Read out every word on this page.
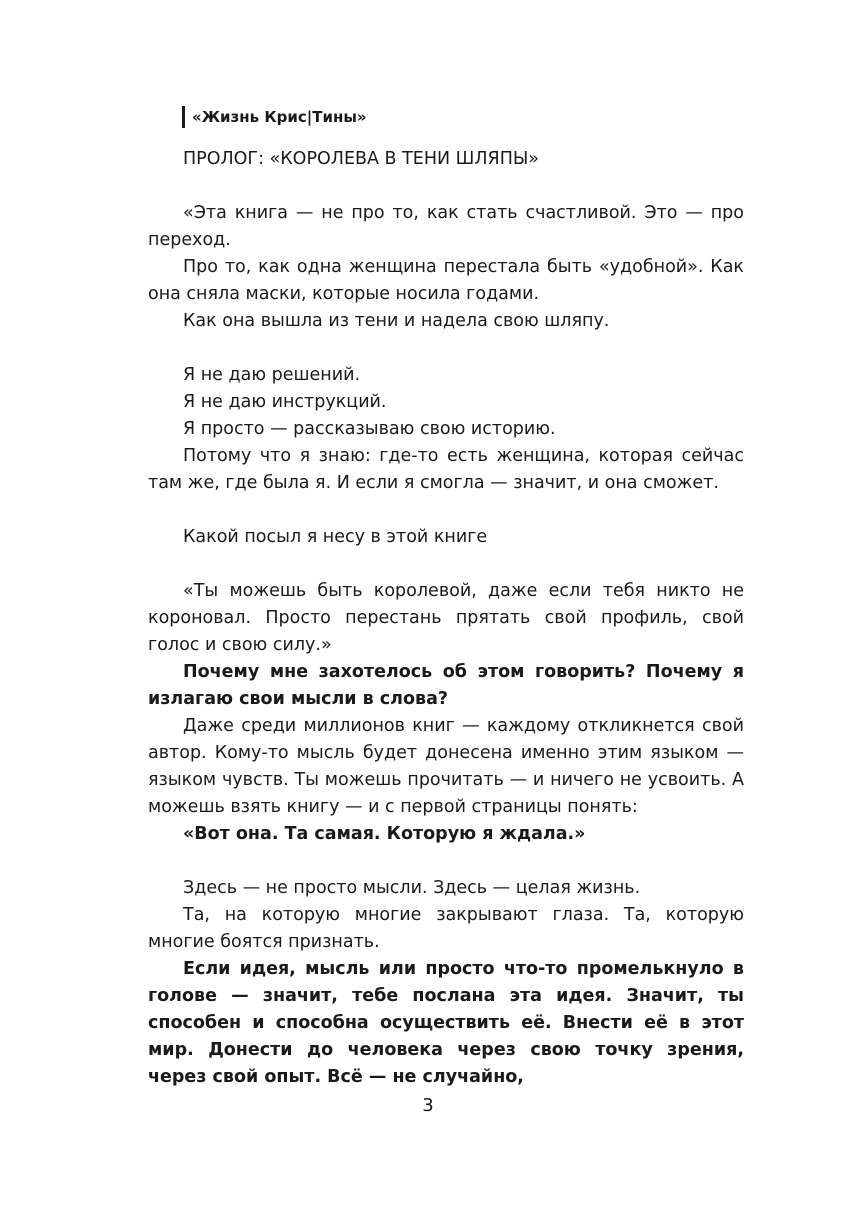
«Жизнь Крис|Тины»

ПРОЛОГ: «КОРОЛЕВА В ТЕНИ ШЛЯПЫ»

«Эта книга — не про то, как стать счастливой. Это — про переход.

Про то, как одна женщина перестала быть «удобной». Как она сняла маски, которые носила годами.

Как она вышла из тени и надела свою шляпу.

Я не даю решений.

Я не даю инструкций.

Я просто — рассказываю свою историю.

Потому что я знаю: где-то есть женщина, которая сейчас там же, где была я. И если я смогла — значит, и она сможет.

Какой посыл я несу в этой книге

«Ты можешь быть королевой, даже если тебя никто не короновал. Просто перестань прятать свой профиль, свой голос и свою силу.»

Почему мне захотелось об этом говорить? Почему я излагаю свои мысли в слова?

Даже среди миллионов книг — каждому откликнется свой автор. Кому-то мысль будет донесена именно этим языком — языком чувств. Ты можешь прочитать — и ничего не усвоить. А можешь взять книгу — и с первой страницы понять:

«Вот она. Та самая. Которую я ждала.»

Здесь — не просто мысли. Здесь — целая жизнь.

Та, на которую многие закрывают глаза. Та, которую многие боятся признать.

Если идея, мысль или просто что-то промелькнуло в голове — значит, тебе послана эта идея. Значит, ты способен и способна осуществить её. Внести её в этот мир. Донести до человека через свою точку зрения, через свой опыт. Всё — не случайно,

3
